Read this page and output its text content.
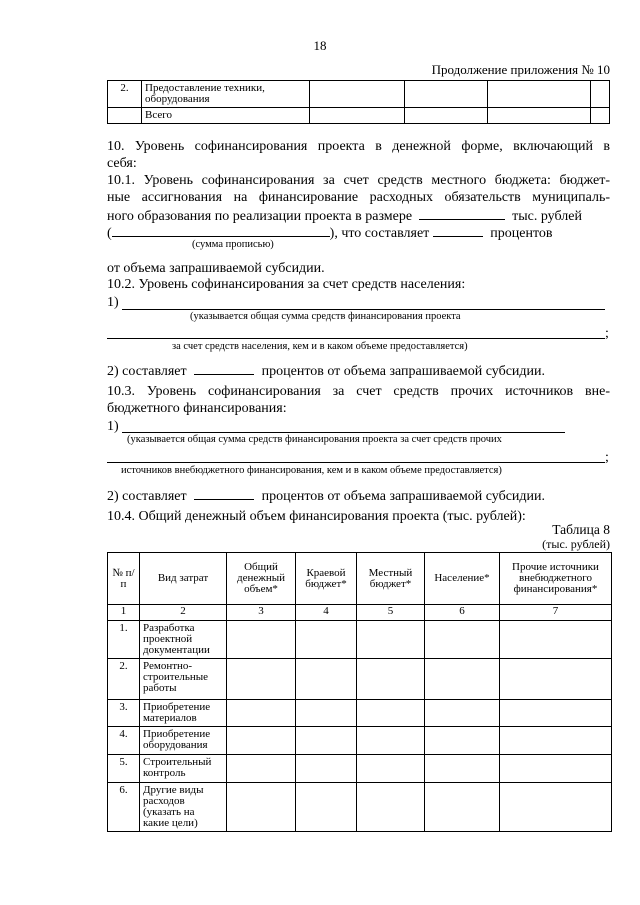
18
Продолжение приложения № 10
2.	Предоставление техники, оборудования				
	Всего				
10. Уровень софинансирования проекта в денежной форме, включающий в
себя:
10.1. Уровень софинансирования за счет средств местного бюджета: бюджет-
ные ассигнования на финансирование расходных обязательств муниципаль-
ного образования по реализации проекта в размере	тыс. рублей
(	), что составляет	процентов
(сумма прописью)
от объема запрашиваемой субсидии.
10.2. Уровень софинансирования за счет средств населения:
1)
(указывается общая сумма средств финансирования проекта
;
за счет средств населения, кем и в каком объеме предоставляется)
2) составляет	процентов от объема запрашиваемой субсидии.
10.3. Уровень софинансирования за счет средств прочих источников вне-
бюджетного финансирования:
1)
(указывается общая сумма средств финансирования проекта за счет средств прочих
;
источников внебюджетного финансирования, кем и в каком объеме предоставляется)
2) составляет	процентов от объема запрашиваемой субсидии.
10.4. Общий денежный объем финансирования проекта (тыс. рублей):
Таблица 8
(тыс. рублей)
№ п/п	Вид затрат	Общий денежный объем*	Краевой бюджет*	Местный бюджет*	Население*	Прочие источники внебюджетного финансирования*
1	2	3	4	5	6	7
1.	Разработка проектной документации					
2.	Ремонтно-строительные работы					
3.	Приобретение материалов					
4.	Приобретение оборудования					
5.	Строительный контроль					
6.	Другие виды расходов (указать на какие цели)					
